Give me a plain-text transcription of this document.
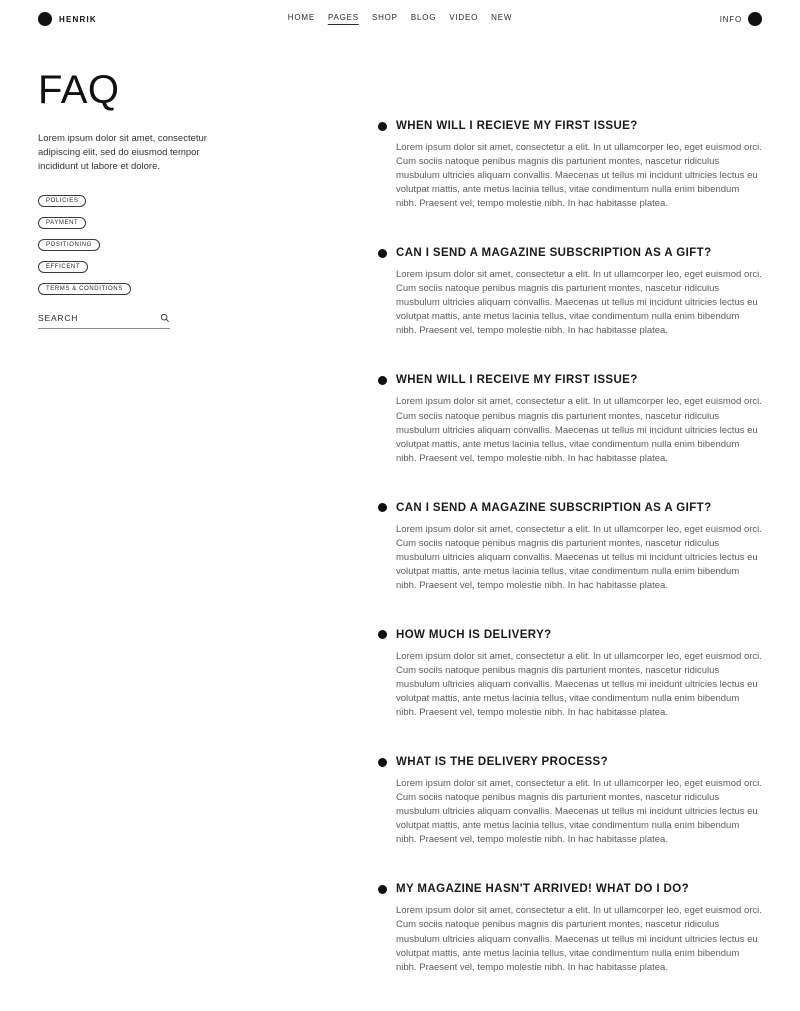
HENRIK	HOME PAGES SHOP BLOG VIDEO NEW	INFO
FAQ

Lorem ipsum dolor sit amet, consectetur adipiscing elit, sed do eiusmod tempor incididunt ut labore et dolore.

POLICIES
PAYMENT
POSITIONING
EFFICENT
TERMS & CONDITIONS
SEARCH
WHEN WILL I RECIEVE MY FIRST ISSUE?

Lorem ipsum dolor sit amet, consectetur a elit. In ut ullamcorper leo, eget euismod orci. Cum sociis natoque penibus magnis dis parturient montes, nascetur ridiculus musbulum ultricies aliquam convallis. Maecenas ut tellus mi incidunt ultricies lectus eu volutpat mattis, ante metus lacinia tellus, vitae condimentum nulla enim bibendum nibh. Praesent vel, tempo molestie nibh. In hac habitasse platea.

CAN I SEND A MAGAZINE SUBSCRIPTION AS A GIFT?

Lorem ipsum dolor sit amet, consectetur a elit. In ut ullamcorper leo, eget euismod orci. Cum sociis natoque penibus magnis dis parturient montes, nascetur ridiculus musbulum ultricies aliquam convallis. Maecenas ut tellus mi incidunt ultricies lectus eu volutpat mattis, ante metus lacinia tellus, vitae condimentum nulla enim bibendum nibh. Praesent vel, tempo molestie nibh. In hac habitasse platea.

WHEN WILL I RECEIVE MY FIRST ISSUE?

Lorem ipsum dolor sit amet, consectetur a elit. In ut ullamcorper leo, eget euismod orci. Cum sociis natoque penibus magnis dis parturient montes, nascetur ridiculus musbulum ultricies aliquam convallis. Maecenas ut tellus mi incidunt ultricies lectus eu volutpat mattis, ante metus lacinia tellus, vitae condimentum nulla enim bibendum nibh. Praesent vel, tempo molestie nibh. In hac habitasse platea.

CAN I SEND A MAGAZINE SUBSCRIPTION AS A GIFT?

Lorem ipsum dolor sit amet, consectetur a elit. In ut ullamcorper leo, eget euismod orci. Cum sociis natoque penibus magnis dis parturient montes, nascetur ridiculus musbulum ultricies aliquam convallis. Maecenas ut tellus mi incidunt ultricies lectus eu volutpat mattis, ante metus lacinia tellus, vitae condimentum nulla enim bibendum nibh. Praesent vel, tempo molestie nibh. In hac habitasse platea.

HOW MUCH IS DELIVERY?

Lorem ipsum dolor sit amet, consectetur a elit. In ut ullamcorper leo, eget euismod orci. Cum sociis natoque penibus magnis dis parturient montes, nascetur ridiculus musbulum ultricies aliquam convallis. Maecenas ut tellus mi incidunt ultricies lectus eu volutpat mattis, ante metus lacinia tellus, vitae condimentum nulla enim bibendum nibh. Praesent vel, tempo molestie nibh. In hac habitasse platea.

WHAT IS THE DELIVERY PROCESS?

Lorem ipsum dolor sit amet, consectetur a elit. In ut ullamcorper leo, eget euismod orci. Cum sociis natoque penibus magnis dis parturient montes, nascetur ridiculus musbulum ultricies aliquam convallis. Maecenas ut tellus mi incidunt ultricies lectus eu volutpat mattis, ante metus lacinia tellus, vitae condimentum nulla enim bibendum nibh. Praesent vel, tempo molestie nibh. In hac habitasse platea.

MY MAGAZINE HASN'T ARRIVED! WHAT DO I DO?

Lorem ipsum dolor sit amet, consectetur a elit. In ut ullamcorper leo, eget euismod orci. Cum sociis natoque penibus magnis dis parturient montes, nascetur ridiculus musbulum ultricies aliquam convallis. Maecenas ut tellus mi incidunt ultricies lectus eu volutpat mattis, ante metus lacinia tellus, vitae condimentum nulla enim bibendum nibh. Praesent vel, tempo molestie nibh. In hac habitasse platea.
